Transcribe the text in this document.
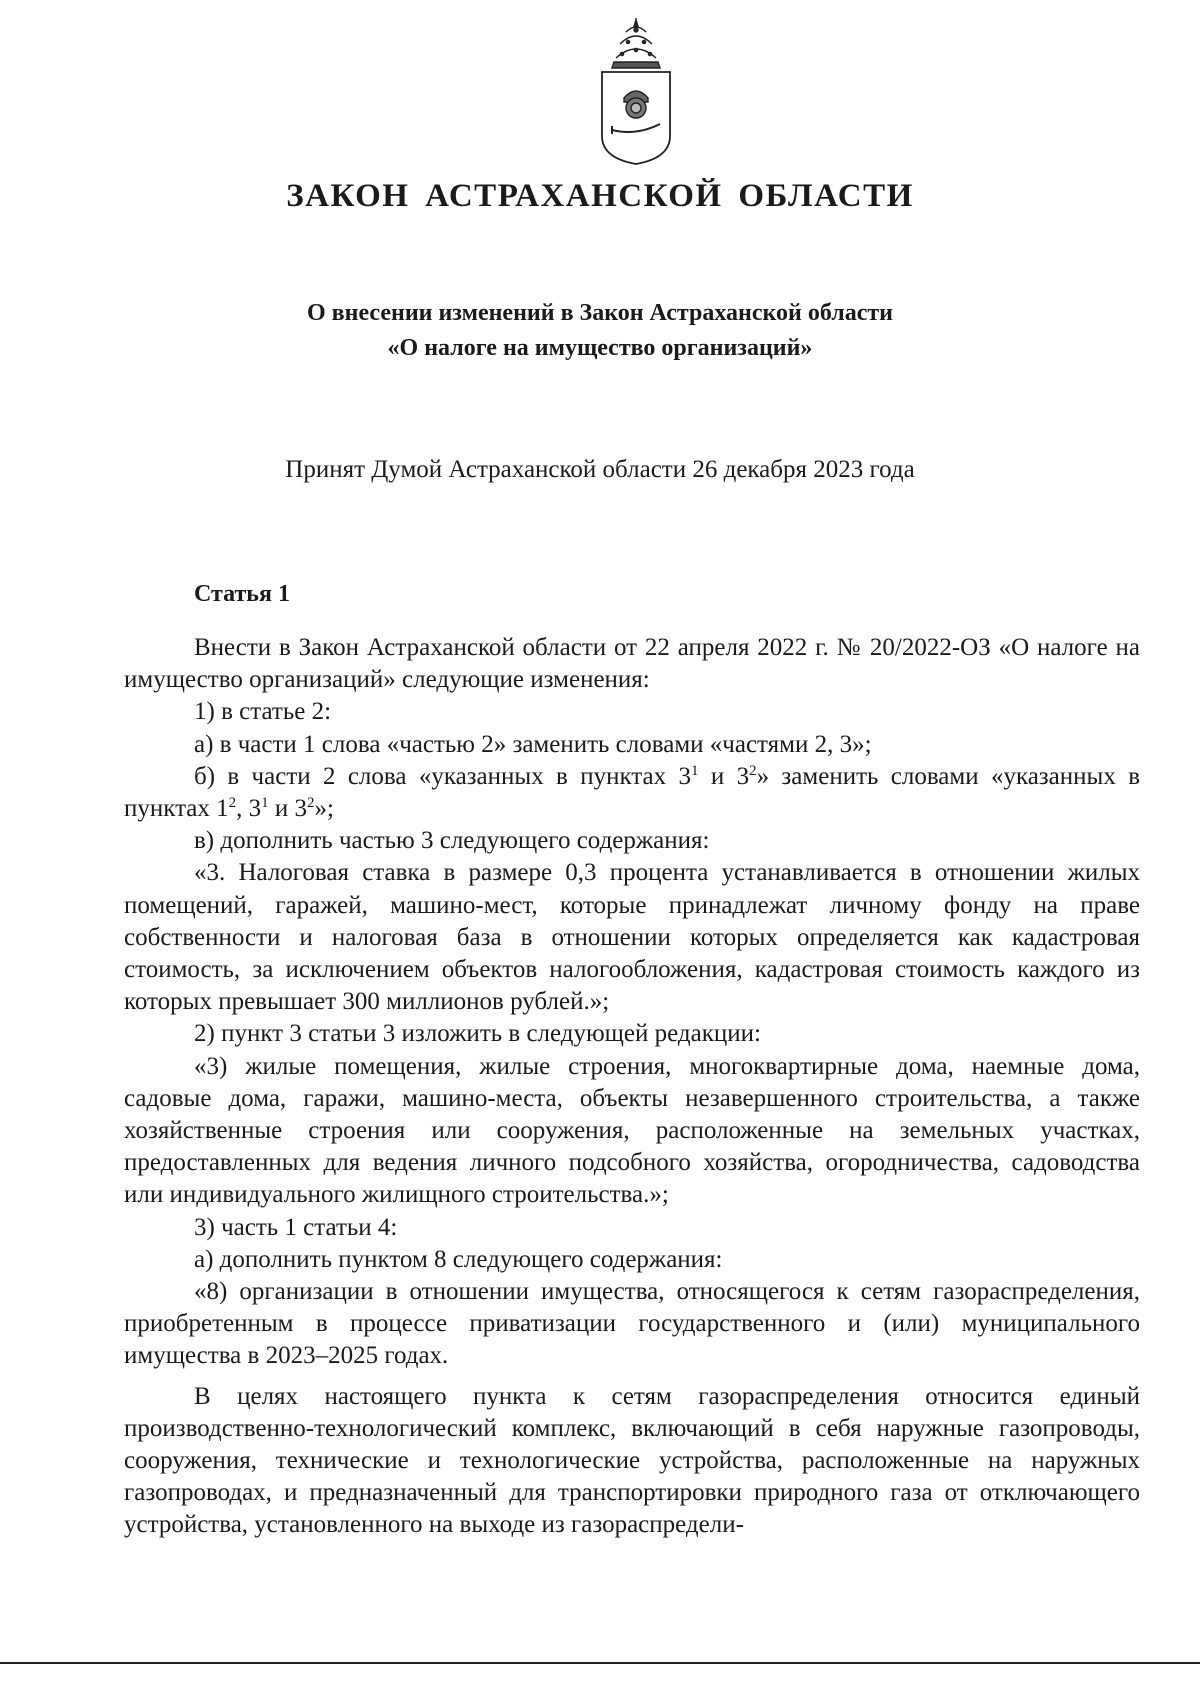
ЗАКОН АСТРАХАНСКОЙ ОБЛАСТИ
О внесении изменений в Закон Астраханской области
«О налоге на имущество организаций»
Принят Думой Астраханской области 26 декабря 2023 года
Статья 1

Внести в Закон Астраханской области от 22 апреля 2022 г. № 20/2022-ОЗ «О налоге на имущество организаций» следующие изменения:

1) в статье 2:

а) в части 1 слова «частью 2» заменить словами «частями 2, 3»;

б) в части 2 слова «указанных в пунктах $3^1$ и $3^2$» заменить словами «указанных в пунктах $1^2$, $3^1$ и $3^2$»;

в) дополнить частью 3 следующего содержания:

«3. Налоговая ставка в размере 0,3 процента устанавливается в отношении жилых помещений, гаражей, машино-мест, которые принадлежат личному фонду на праве собственности и налоговая база в отношении которых определяется как кадастровая стоимость, за исключением объектов налогообложения, кадастровая стоимость каждого из которых превышает 300 миллионов рублей.»;

2) пункт 3 статьи 3 изложить в следующей редакции:

«3) жилые помещения, жилые строения, многоквартирные дома, наемные дома, садовые дома, гаражи, машино-места, объекты незавершенного строительства, а также хозяйственные строения или сооружения, расположенные на земельных участках, предоставленных для ведения личного подсобного хозяйства, огородничества, садоводства или индивидуального жилищного строительства.»;

3) часть 1 статьи 4:

а) дополнить пунктом 8 следующего содержания:

«8) организации в отношении имущества, относящегося к сетям газораспределения, приобретенным в процессе приватизации государственного и (или) муниципального имущества в 2023–2025 годах.

В целях настоящего пункта к сетям газораспределения относится единый производственно-технологический комплекс, включающий в себя наружные газопроводы, сооружения, технические и технологические устройства, расположенные на наружных газопроводах, и предназначенный для транспортировки природного газа от отключающего устройства, установленного на выходе из газораспредели-
